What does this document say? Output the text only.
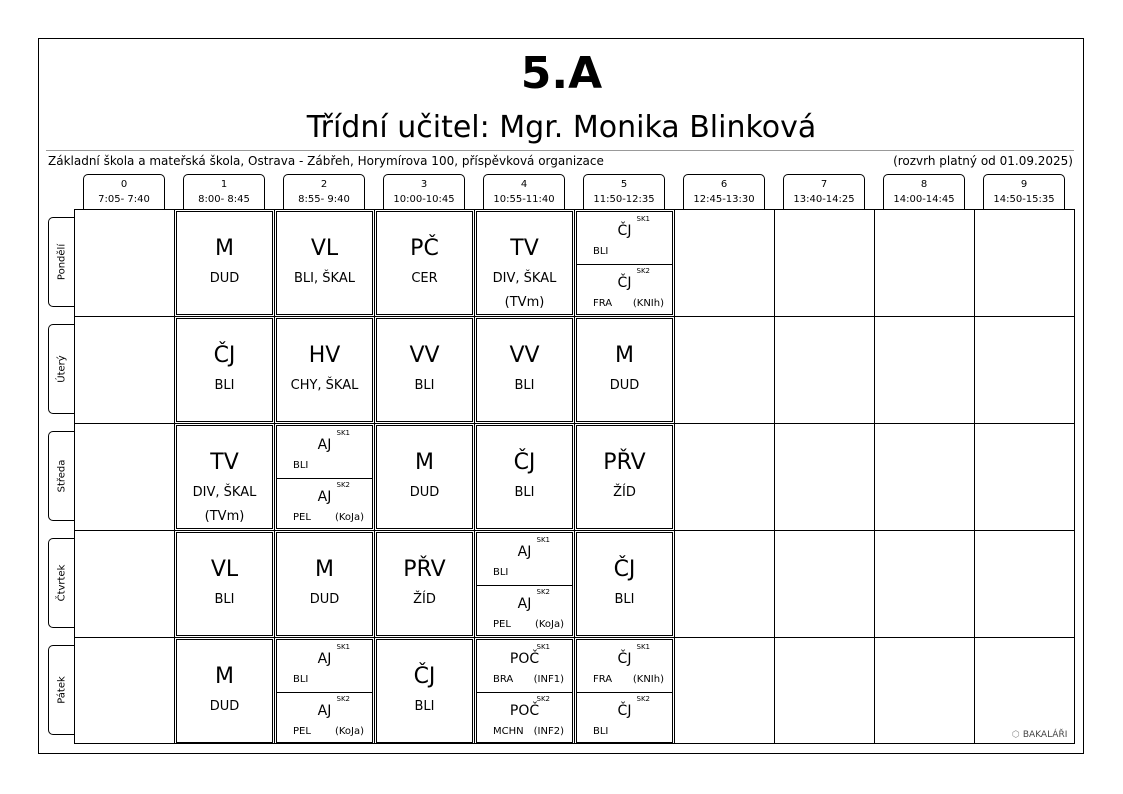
5.A
Třídní učitel: Mgr. Monika Blinková
Základní škola a mateřská škola, Ostrava - Zábřeh, Horymírova 100, příspěvková organizace	(rozvrh platný od 01.09.2025)
0
7:05- 7:40
1
8:00- 8:45
2
8:55- 9:40
3
10:00-10:45
4
10:55-11:40
5
11:50-12:35
6
12:45-13:30
7
13:40-14:25
8
14:00-14:45
9
14:50-15:35
Pondělí
Úterý
Středa
Čtvrtek
Pátek
M
DUD
VL
BLI, ŠKAL
PČ
CER
TV
DIV, ŠKAL
(TVm)
SK1
ČJ
BLI
SK2
ČJ
FRA (KNIh)
ČJ
BLI
HV
CHY, ŠKAL
VV
BLI
VV
BLI
M
DUD
TV
DIV, ŠKAL
(TVm)
SK1
AJ
BLI
SK2
AJ
PEL (KoJa)
M
DUD
ČJ
BLI
PŘV
ŽÍD
VL
BLI
M
DUD
PŘV
ŽÍD
SK1
AJ
BLI
SK2
AJ
PEL (KoJa)
ČJ
BLI
M
DUD
SK1
AJ
BLI
SK2
AJ
PEL (KoJa)
ČJ
BLI
SK1
POČ
BRA (INF1)
SK2
POČ
MCHN (INF2)
SK1
ČJ
FRA (KNIh)
SK2
ČJ
BLI	⬡ BAKALÁŘI
